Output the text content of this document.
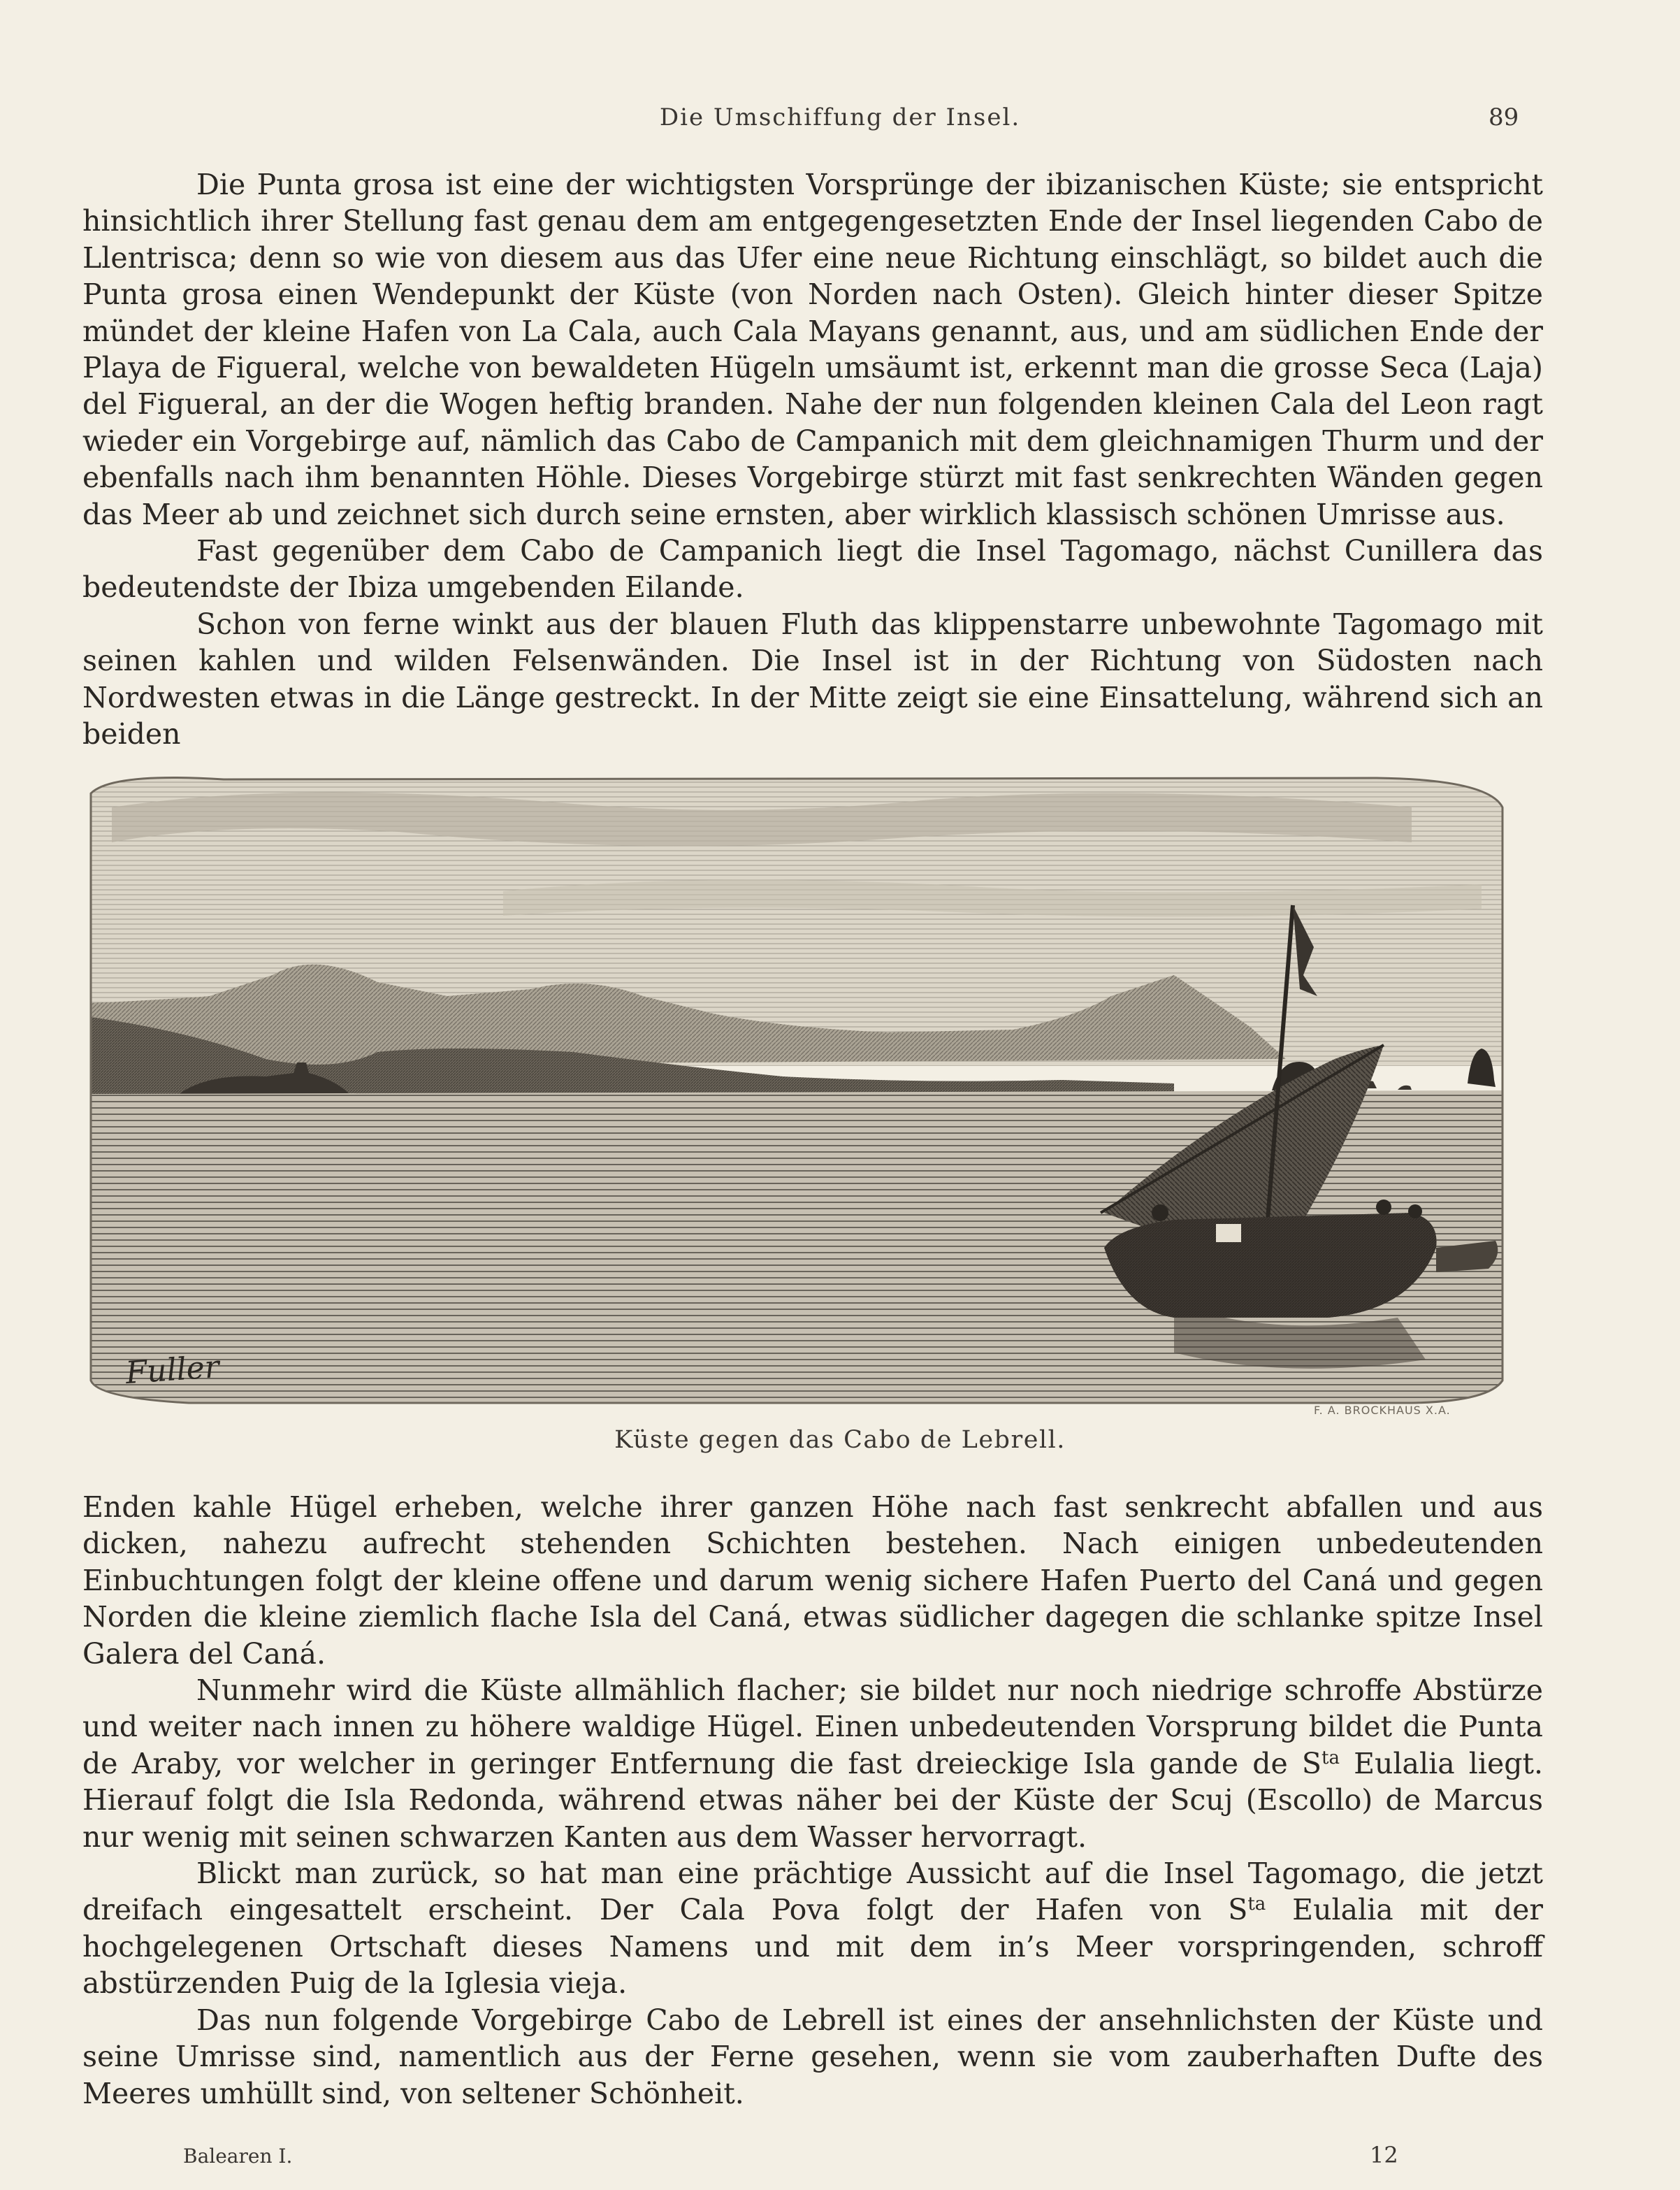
Die Umschiffung der Insel.	89

Die Punta grosa ist eine der wichtigsten Vorsprünge der ibizanischen Küste; sie entspricht hinsichtlich ihrer Stellung fast genau dem am entgegengesetzten Ende der Insel liegenden Cabo de Llentrisca; denn so wie von diesem aus das Ufer eine neue Richtung einschlägt, so bildet auch die Punta grosa einen Wendepunkt der Küste (von Norden nach Osten). Gleich hinter dieser Spitze mündet der kleine Hafen von La Cala, auch Cala Mayans genannt, aus, und am südlichen Ende der Playa de Figueral, welche von bewaldeten Hügeln umsäumt ist, erkennt man die grosse Seca (Laja) del Figueral, an der die Wogen heftig branden. Nahe der nun folgenden kleinen Cala del Leon ragt wieder ein Vorgebirge auf, nämlich das Cabo de Campanich mit dem gleichnamigen Thurm und der ebenfalls nach ihm benannten Höhle. Dieses Vorgebirge stürzt mit fast senkrechten Wänden gegen das Meer ab und zeichnet sich durch seine ernsten, aber wirklich klassisch schönen Umrisse aus.

Fast gegenüber dem Cabo de Campanich liegt die Insel Tagomago, nächst Cunillera das bedeutendste der Ibiza umgebenden Eilande.

Schon von ferne winkt aus der blauen Fluth das klippenstarre unbewohnte Tagomago mit seinen kahlen und wilden Felsenwänden. Die Insel ist in der Richtung von Südosten nach Nordwesten etwas in die Länge gestreckt. In der Mitte zeigt sie eine Einsattelung, während sich an beiden

Fuller
F. A. BROCKHAUS X.A.
Küste gegen das Cabo de Lebrell.

Enden kahle Hügel erheben, welche ihrer ganzen Höhe nach fast senkrecht abfallen und aus dicken, nahezu aufrecht stehenden Schichten bestehen. Nach einigen unbedeutenden Einbuchtungen folgt der kleine offene und darum wenig sichere Hafen Puerto del Caná und gegen Norden die kleine ziemlich flache Isla del Caná, etwas südlicher dagegen die schlanke spitze Insel Galera del Caná.

Nunmehr wird die Küste allmählich flacher; sie bildet nur noch niedrige schroffe Abstürze und weiter nach innen zu höhere waldige Hügel. Einen unbedeutenden Vorsprung bildet die Punta de Araby, vor welcher in geringer Entfernung die fast dreieckige Isla gande de $S^{ta}$ Eulalia liegt. Hierauf folgt die Isla Redonda, während etwas näher bei der Küste der Scuj (Escollo) de Marcus nur wenig mit seinen schwarzen Kanten aus dem Wasser hervorragt.

Blickt man zurück, so hat man eine prächtige Aussicht auf die Insel Tagomago, die jetzt dreifach eingesattelt erscheint. Der Cala Pova folgt der Hafen von $S^{ta}$ Eulalia mit der hochgelegenen Ortschaft dieses Namens und mit dem in’s Meer vorspringenden, schroff abstürzenden Puig de la Iglesia vieja.

Das nun folgende Vorgebirge Cabo de Lebrell ist eines der ansehnlichsten der Küste und seine Umrisse sind, namentlich aus der Ferne gesehen, wenn sie vom zauberhaften Dufte des Meeres umhüllt sind, von seltener Schönheit.

Balearen I.	12
